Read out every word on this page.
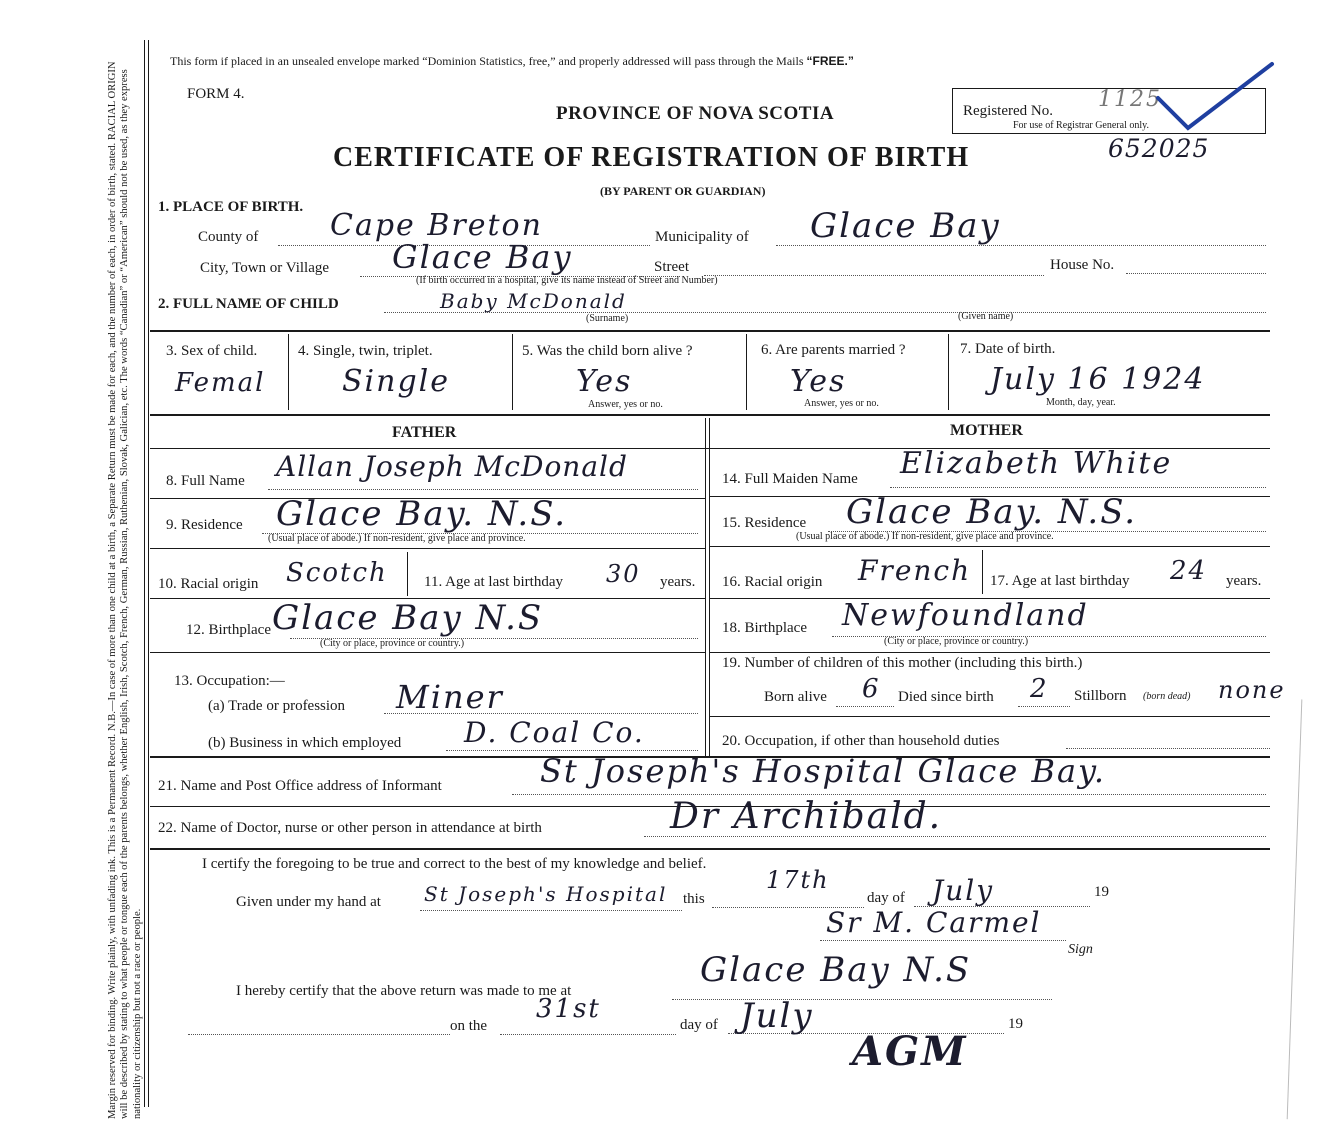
Margin reserved for binding. Write plainly, with unfading ink. This is a Permanent Record. N.B.—In case of more than one child at a birth, a Separate Return must be made for each, and the number of each, in order of birth, stated. RACIAL ORIGIN will be described by stating to what people or tongue each of the parents belongs, whether English, Irish, Scotch, French, German, Russian, Ruthenian, Slovak, Galician, etc. The words “Canadian” or “American” should not be used, as they express nationality or citizenship but not a race or people.
This form if placed in an unsealed envelope marked “Dominion Statistics, free,” and properly addressed will pass through the Mails “FREE.”
FORM 4.
PROVINCE OF NOVA SCOTIA
CERTIFICATE OF REGISTRATION OF BIRTH
(BY PARENT OR GUARDIAN)
Registered No. 1125
For use of Registrar General only.
652025
1. PLACE OF BIRTH.
County of Cape Breton	Municipality of Glace Bay
City, Town or Village Glace Bay	Street
(If birth occurred in a hospital, give its name instead of Street and Number)
House No.
2. FULL NAME OF CHILD	Baby McDonald
(Surname)	(Given name)
3. Sex of child.
Femal
4. Single, twin, triplet.
Single
5. Was the child born alive ?
Yes
Answer, yes or no.
6. Are parents married ?
Yes
Answer, yes or no.
7. Date of birth.
July 16 1924
Month, day, year.
FATHER	MOTHER
8. Full Name Allan Joseph McDonald
9. Residence Glace Bay. N.S.
(Usual place of abode.) If non-resident, give place and province.
10. Racial origin Scotch 11. Age at last birthday 30 years.
12. Birthplace Glace Bay N.S
(City or place, province or country.)
13. Occupation:—
(a) Trade or profession Miner
(b) Business in which employed D. Coal Co.
14. Full Maiden Name Elizabeth White
15. Residence Glace Bay. N.S.
(Usual place of abode.) If non-resident, give place and province.
16. Racial origin French 17. Age at last birthday 24 years.
18. Birthplace Newfoundland
(City or place, province or country.)
19. Number of children of this mother (including this birth.)
Born alive 6 Died since birth 2 Stillborn (born dead) none
20. Occupation, if other than household duties
21. Name and Post Office address of Informant	St Joseph's Hospital Glace Bay.
22. Name of Doctor, nurse or other person in attendance at birth	Dr Archibald.
I certify the foregoing to be true and correct to the best of my knowledge and belief.
Given under my hand at St Joseph's Hospital this
17th
day of July	19
Sr M. Carmel
Sign
I hereby certify that the above return was made to me at
Glace Bay N.S
on the
31st
day of July	19
AGM
